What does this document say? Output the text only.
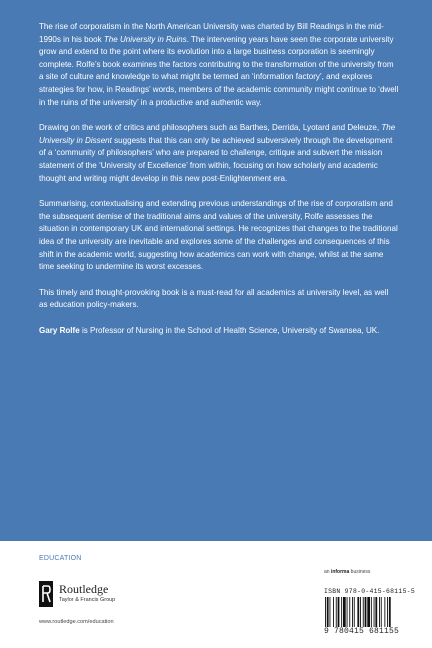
The rise of corporatism in the North American University was charted by Bill Readings in the mid-1990s in his book The University in Ruins. The intervening years have seen the corporate university grow and extend to the point where its evolution into a large business corporation is seemingly complete. Rolfe’s book examines the factors contributing to the transformation of the university from a site of culture and knowledge to what might be termed an ‘information factory’, and explores strategies for how, in Readings’ words, members of the academic community might continue to ‘dwell in the ruins of the university’ in a productive and authentic way.

Drawing on the work of critics and philosophers such as Barthes, Derrida, Lyotard and Deleuze, The University in Dissent suggests that this can only be achieved subversively through the development of a ‘community of philosophers’ who are prepared to challenge, critique and subvert the mission statement of the ‘University of Excellence’ from within, focusing on how scholarly and academic thought and writing might develop in this new post-Enlightenment era.

Summarising, contextualising and extending previous understandings of the rise of corporatism and the subsequent demise of the traditional aims and values of the university, Rolfe assesses the situation in contemporary UK and international settings. He recognizes that changes to the traditional idea of the university are inevitable and explores some of the challenges and consequences of this shift in the academic world, suggesting how academics can work with change, whilst at the same time seeking to undermine its worst excesses.

This timely and thought-provoking book is a must-read for all academics at university level, as well as education policy-makers.

Gary Rolfe is Professor of Nursing in the School of Health Science, University of Swansea, UK.

EDUCATION
Routledge
Taylor & Francis Group
www.routledge.com/education
an informa business
ISBN 978-0-415-68115-5
9 780415 681155
